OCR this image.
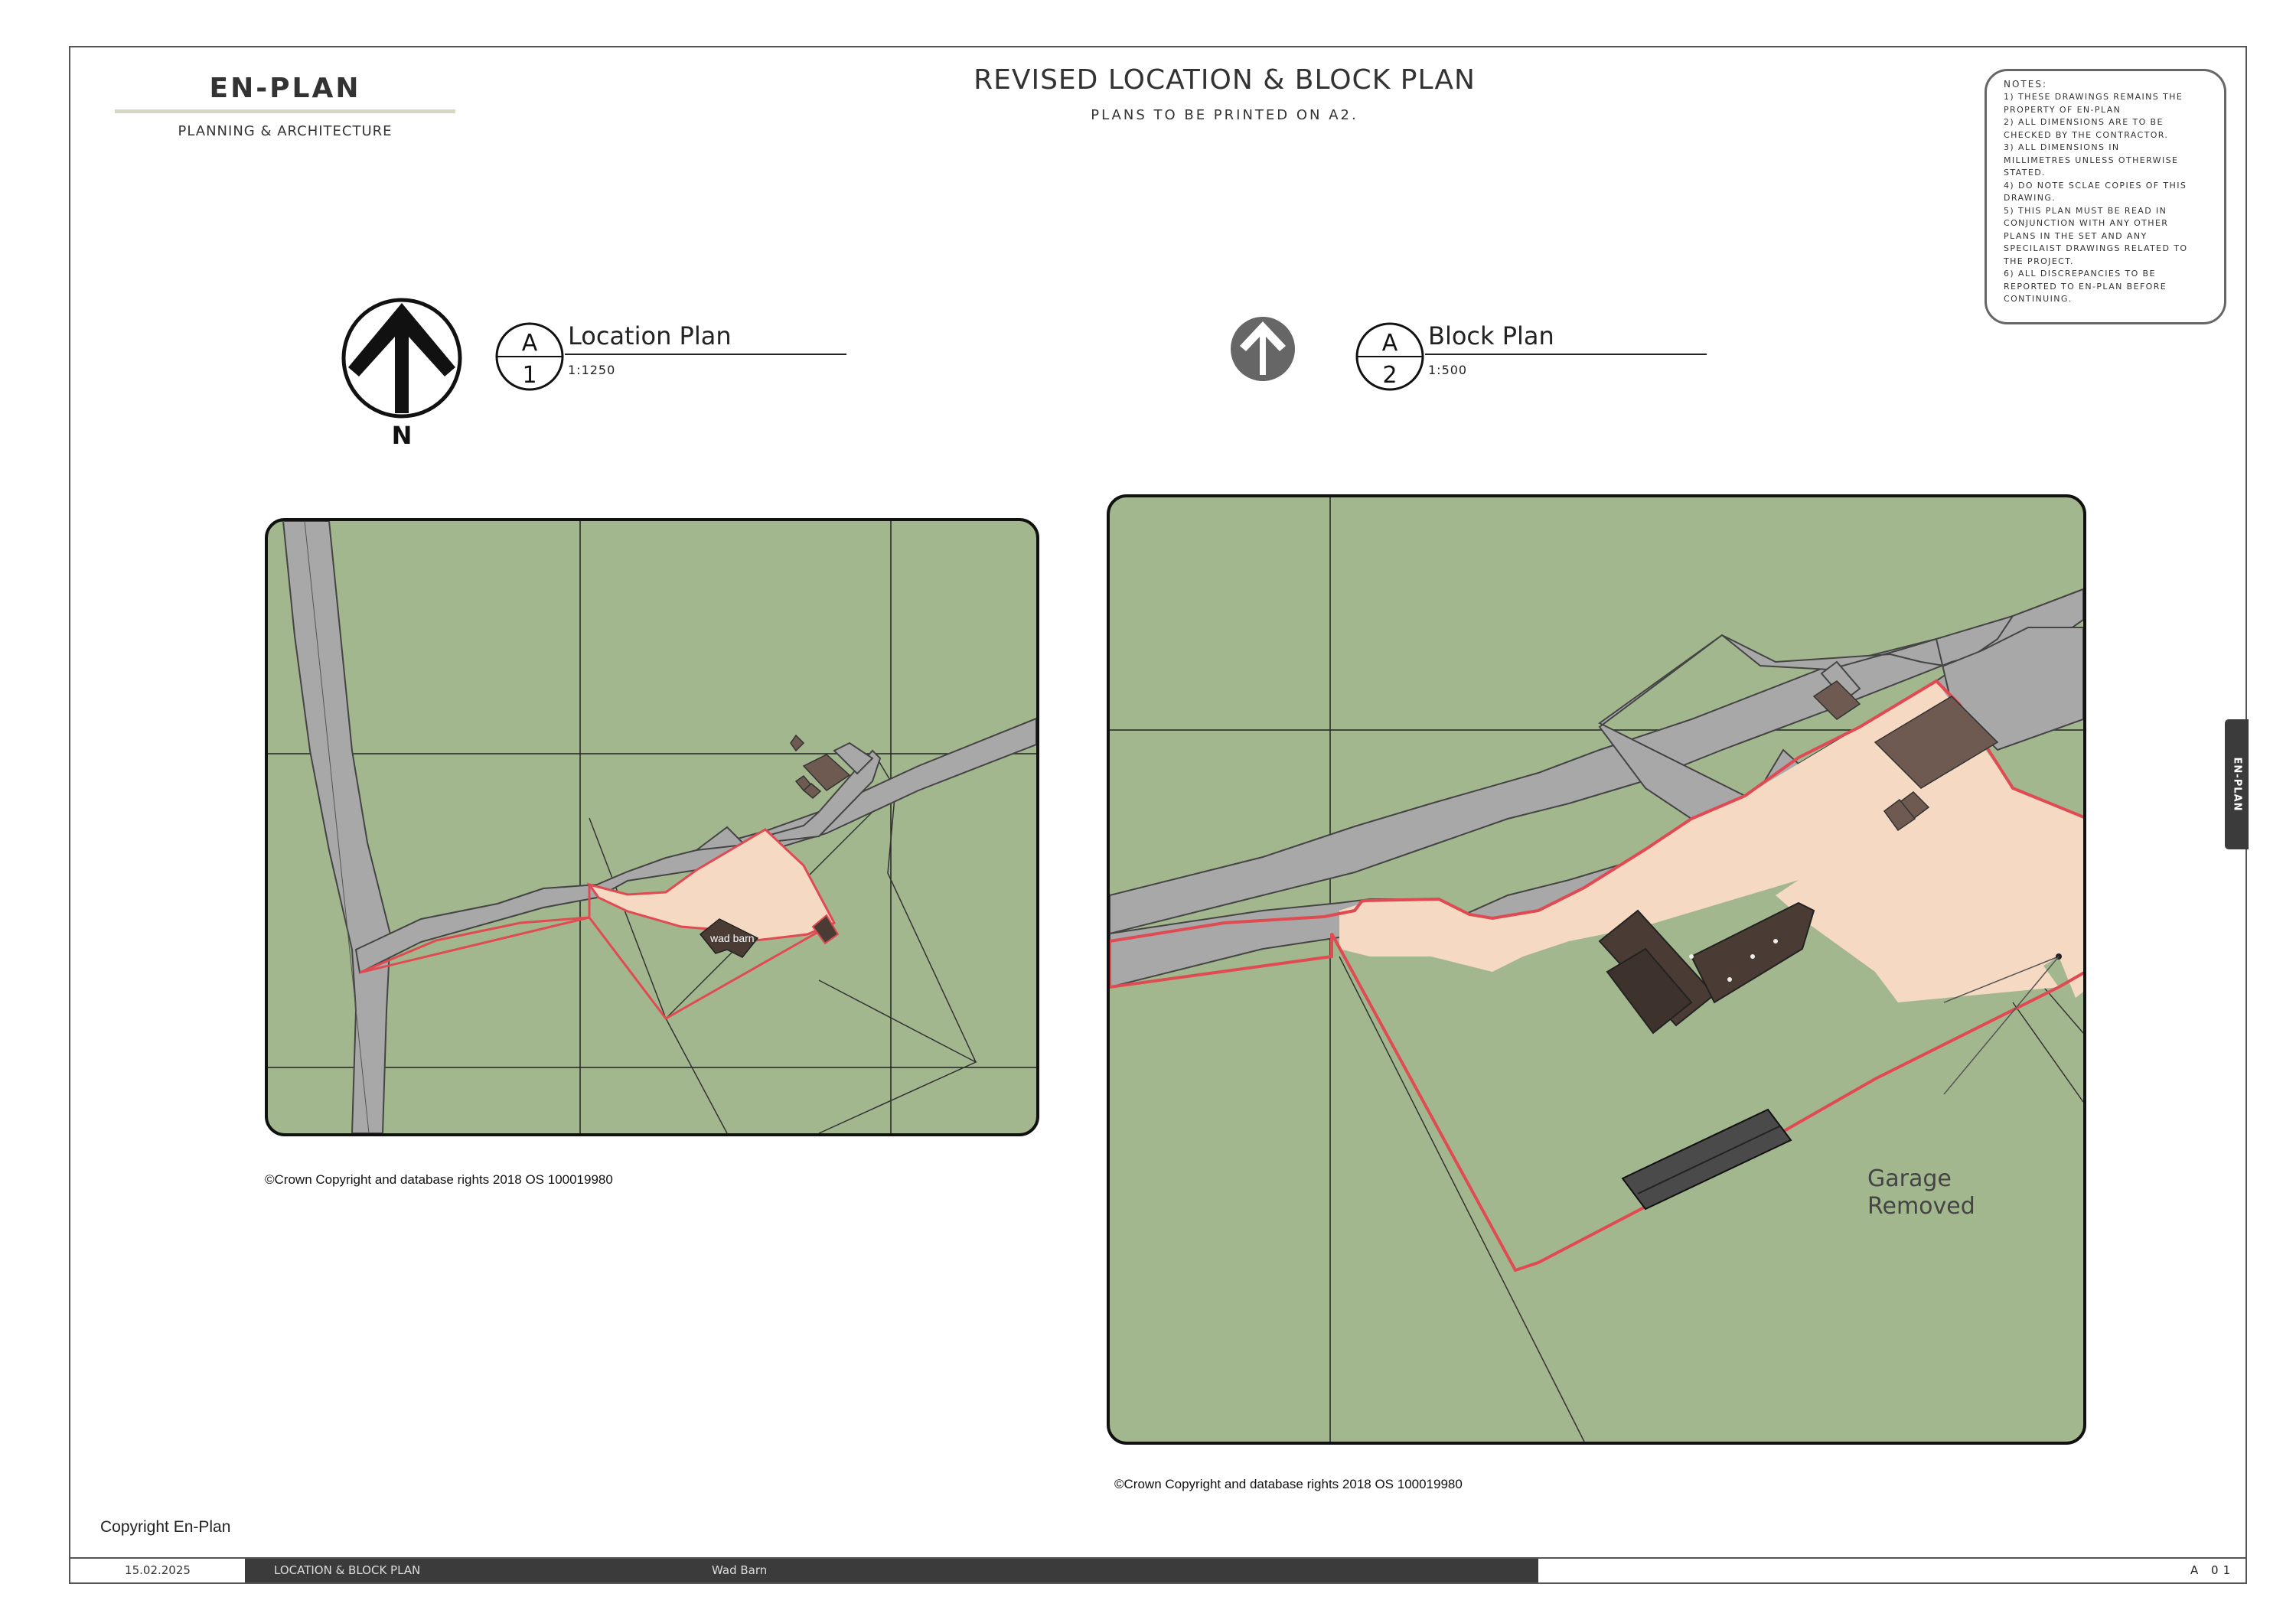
EN-PLAN
PLANNING & ARCHITECTURE
REVISED LOCATION & BLOCK PLAN
PLANS TO BE PRINTED ON A2.
NOTES:
1) THESE DRAWINGS REMAINS THE
PROPERTY OF EN-PLAN
2) ALL DIMENSIONS ARE TO BE
CHECKED BY THE CONTRACTOR.
3) ALL DIMENSIONS IN
MILLIMETRES UNLESS OTHERWISE
STATED.
4) DO NOTE SCLAE COPIES OF THIS
DRAWING.
5) THIS PLAN MUST BE READ IN
CONJUNCTION WITH ANY OTHER
PLANS IN THE SET AND ANY
SPECILAIST DRAWINGS RELATED TO
THE PROJECT.
6) ALL DISCREPANCIES TO BE
REPORTED TO EN-PLAN BEFORE
CONTINUING.
N
A
1
Location Plan
1:1250
A
2
Block Plan
1:500
wad barn
©Crown Copyright and database rights 2018 OS 100019980	Garage
Removed
©Crown Copyright and database rights 2018 OS 100019980
Copyright En-Plan
EN-PLAN
15.02.2025	LOCATION & BLOCK PLAN	Wad Barn	A 01
